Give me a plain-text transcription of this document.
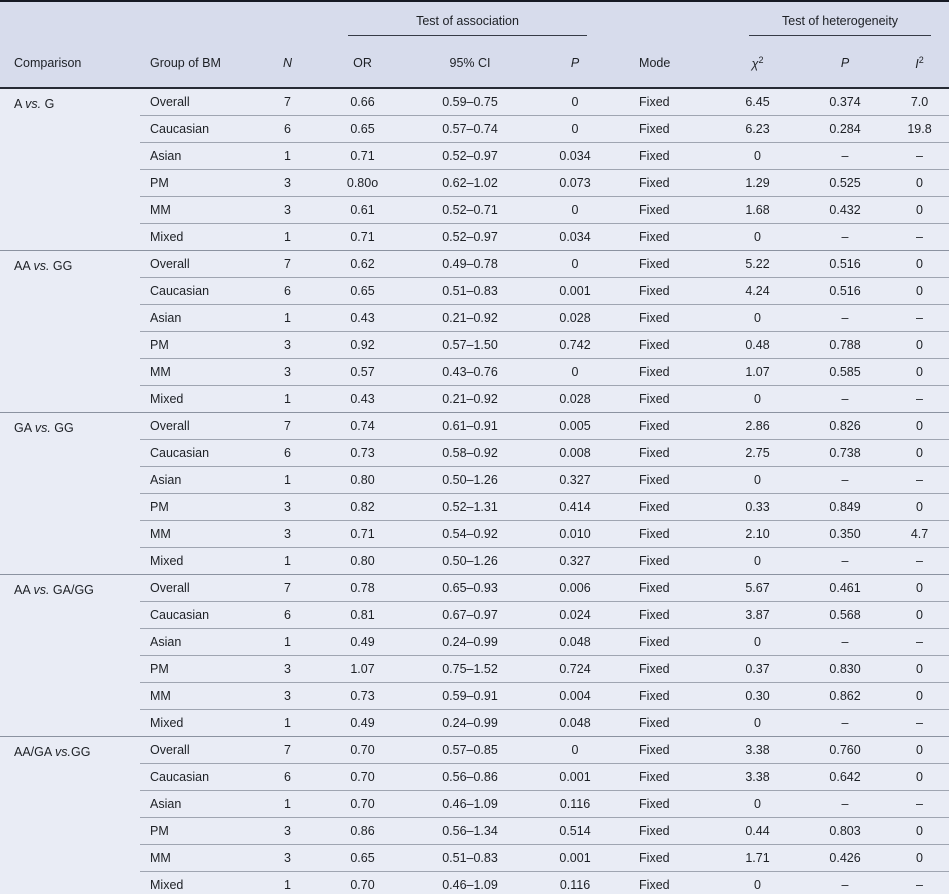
			Test of association				Test of heterogeneity		

Comparison	Group of BM	N	OR	95% CI	P	Mode	$\chi^2$	P	$I^2$
A vs. G	Overall	7	0.66	0.59–0.75	0	Fixed	6.45	0.374	7.0
	Caucasian	6	0.65	0.57–0.74	0	Fixed	6.23	0.284	19.8
	Asian	1	0.71	0.52–0.97	0.034	Fixed	0	–	–
	PM	3	0.80o	0.62–1.02	0.073	Fixed	1.29	0.525	0
	MM	3	0.61	0.52–0.71	0	Fixed	1.68	0.432	0
	Mixed	1	0.71	0.52–0.97	0.034	Fixed	0	–	–
AA vs. GG	Overall	7	0.62	0.49–0.78	0	Fixed	5.22	0.516	0
	Caucasian	6	0.65	0.51–0.83	0.001	Fixed	4.24	0.516	0
	Asian	1	0.43	0.21–0.92	0.028	Fixed	0	–	–
	PM	3	0.92	0.57–1.50	0.742	Fixed	0.48	0.788	0
	MM	3	0.57	0.43–0.76	0	Fixed	1.07	0.585	0
	Mixed	1	0.43	0.21–0.92	0.028	Fixed	0	–	–
GA vs. GG	Overall	7	0.74	0.61–0.91	0.005	Fixed	2.86	0.826	0
	Caucasian	6	0.73	0.58–0.92	0.008	Fixed	2.75	0.738	0
	Asian	1	0.80	0.50–1.26	0.327	Fixed	0	–	–
	PM	3	0.82	0.52–1.31	0.414	Fixed	0.33	0.849	0
	MM	3	0.71	0.54–0.92	0.010	Fixed	2.10	0.350	4.7
	Mixed	1	0.80	0.50–1.26	0.327	Fixed	0	–	–
AA vs. GA/GG	Overall	7	0.78	0.65–0.93	0.006	Fixed	5.67	0.461	0
	Caucasian	6	0.81	0.67–0.97	0.024	Fixed	3.87	0.568	0
	Asian	1	0.49	0.24–0.99	0.048	Fixed	0	–	–
	PM	3	1.07	0.75–1.52	0.724	Fixed	0.37	0.830	0
	MM	3	0.73	0.59–0.91	0.004	Fixed	0.30	0.862	0
	Mixed	1	0.49	0.24–0.99	0.048	Fixed	0	–	–
AA/GA vs.GG	Overall	7	0.70	0.57–0.85	0	Fixed	3.38	0.760	0
	Caucasian	6	0.70	0.56–0.86	0.001	Fixed	3.38	0.642	0
	Asian	1	0.70	0.46–1.09	0.116	Fixed	0	–	–
	PM	3	0.86	0.56–1.34	0.514	Fixed	0.44	0.803	0
	MM	3	0.65	0.51–0.83	0.001	Fixed	1.71	0.426	0
	Mixed	1	0.70	0.46–1.09	0.116	Fixed	0	–	–
